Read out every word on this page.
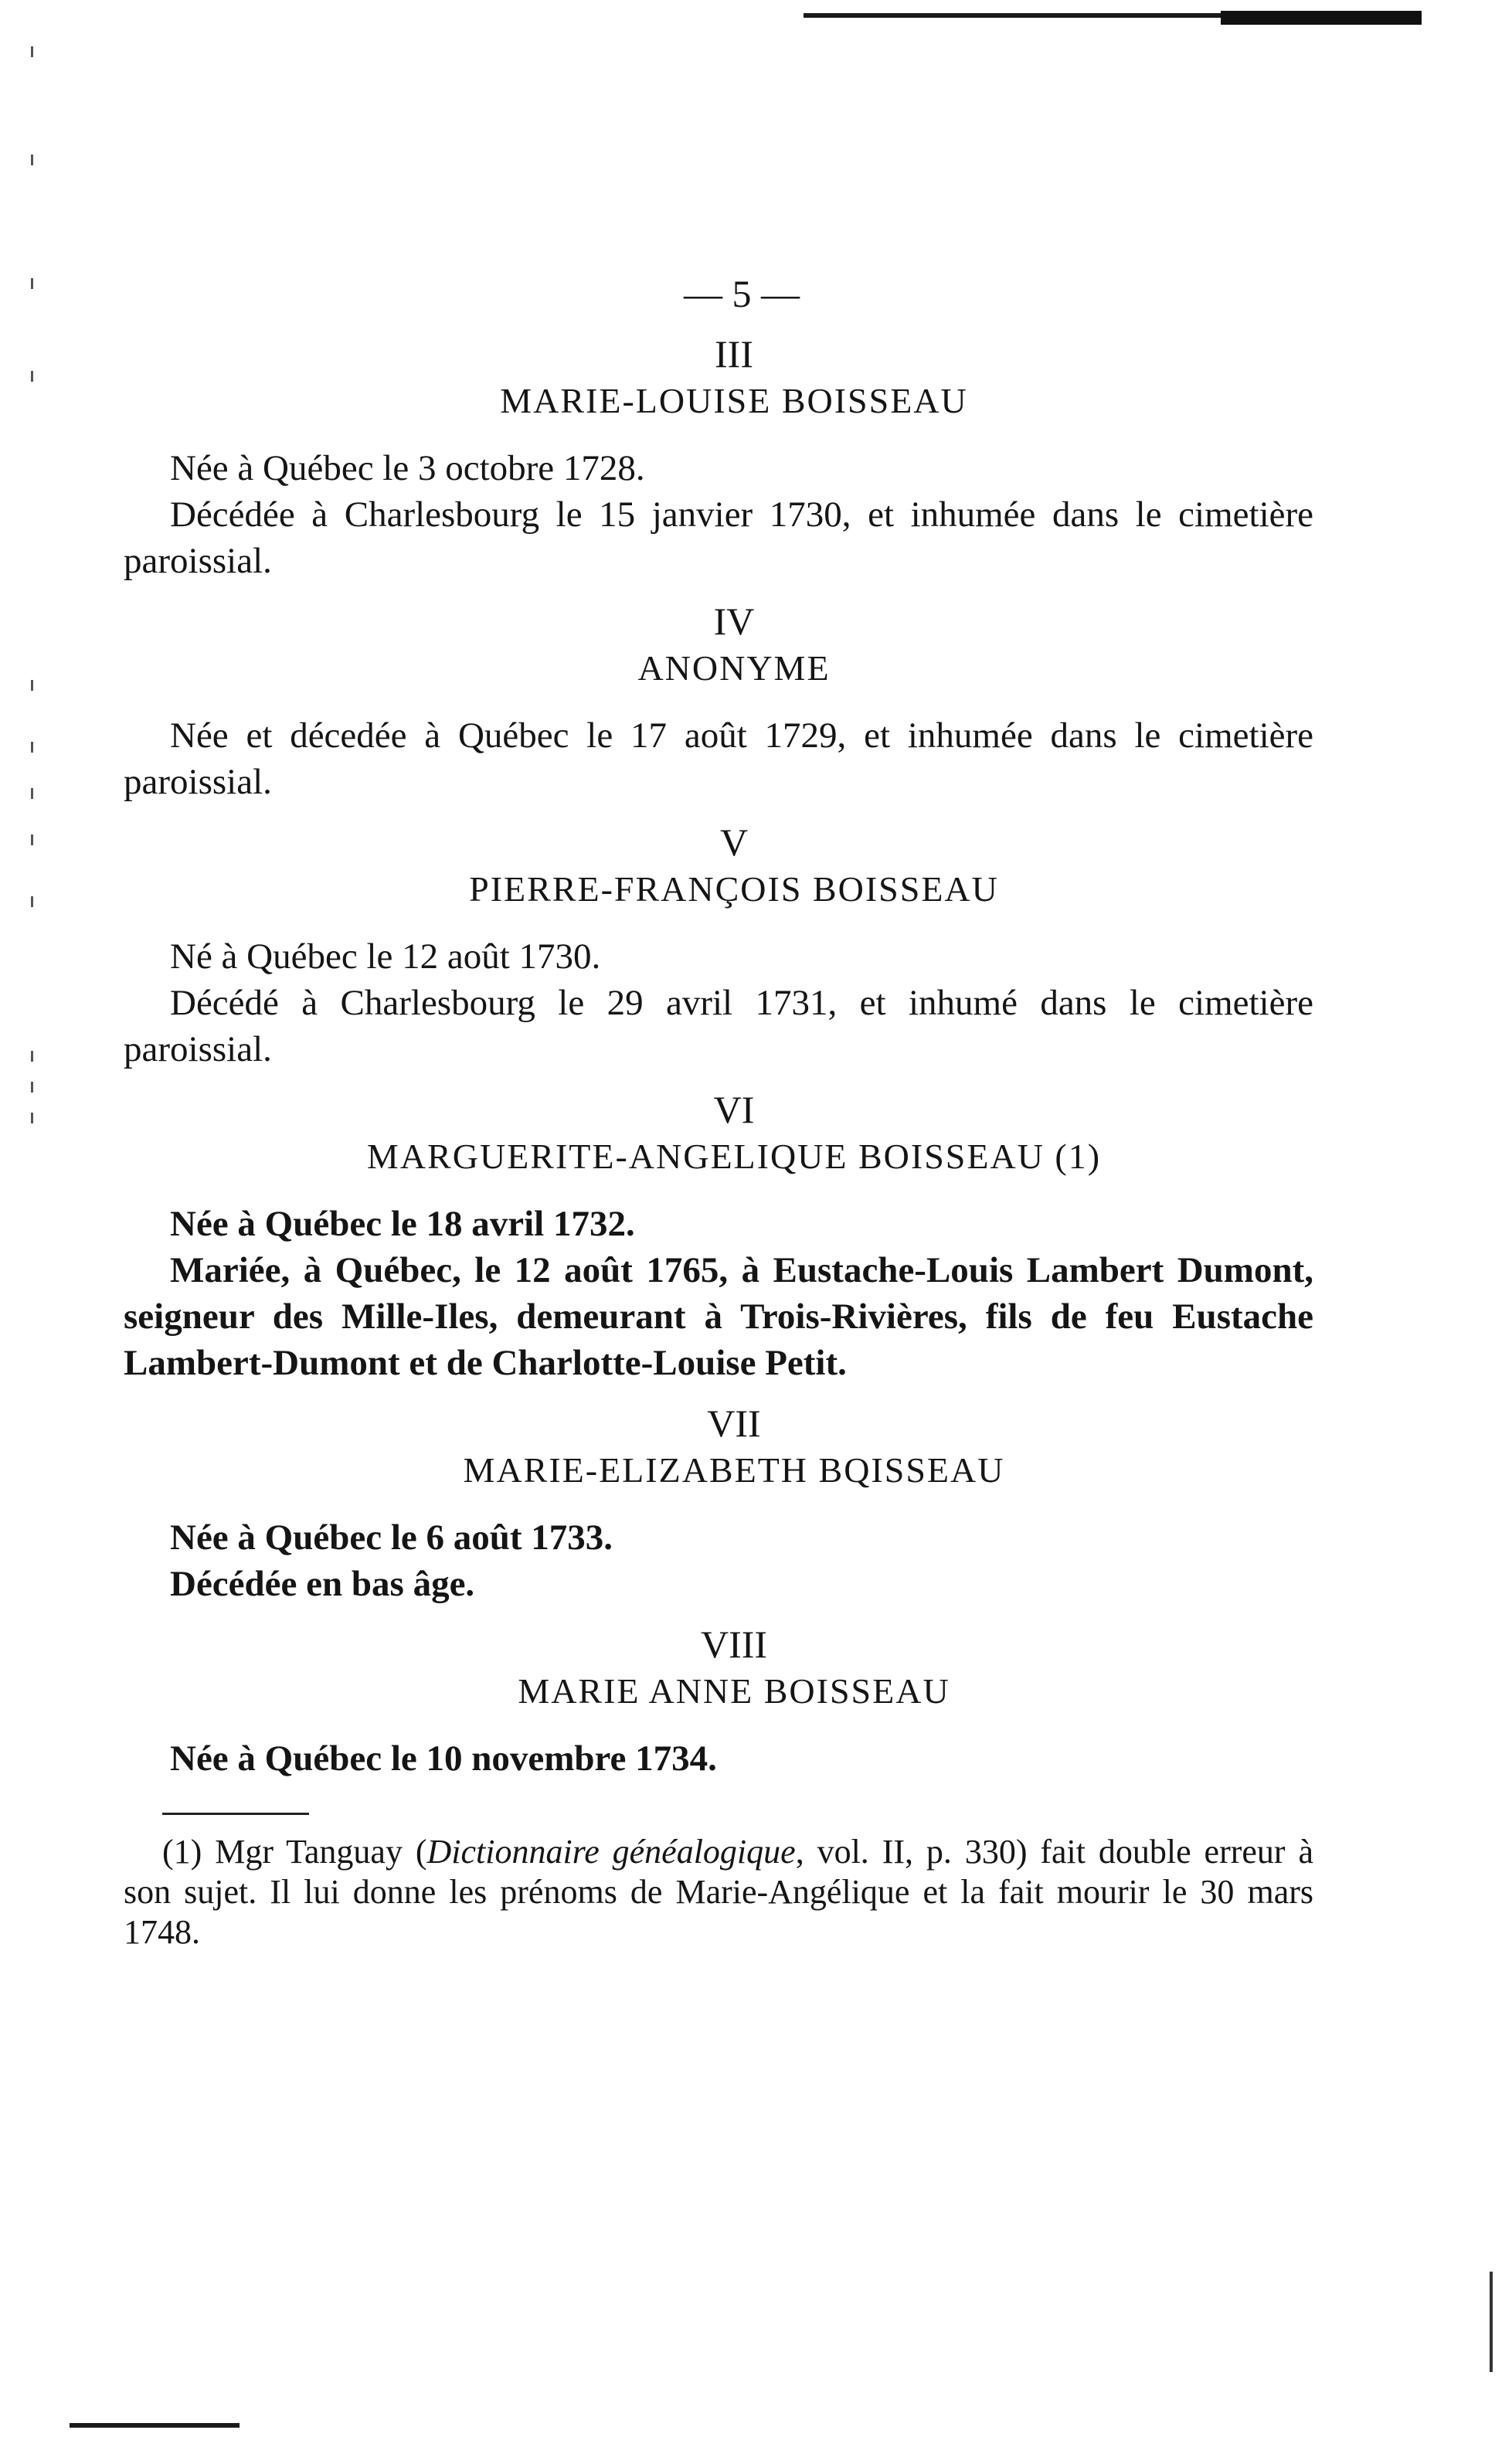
— 5 —
III
MARIE-LOUISE BOISSEAU

Née à Québec le 3 octobre 1728.

Décédée à Charlesbourg le 15 janvier 1730, et inhumée dans le cimetière paroissial.

IV
ANONYME

Née et décedée à Québec le 17 août 1729, et inhumée dans le cimetière paroissial.

V
PIERRE-FRANÇOIS BOISSEAU

Né à Québec le 12 août 1730.

Décédé à Charlesbourg le 29 avril 1731, et inhumé dans le cimetière paroissial.

VI
MARGUERITE-ANGELIQUE BOISSEAU (1)

Née à Québec le 18 avril 1732.

Mariée, à Québec, le 12 août 1765, à Eustache-Louis Lambert Dumont, seigneur des Mille-Iles, demeurant à Trois-Rivières, fils de feu Eustache Lambert-Dumont et de Charlotte-Louise Petit.

VII
MARIE-ELIZABETH BQISSEAU

Née à Québec le 6 août 1733.

Décédée en bas âge.

VIII
MARIE ANNE BOISSEAU

Née à Québec le 10 novembre 1734.

(1) Mgr Tanguay (Dictionnaire généalogique, vol. II, p. 330) fait double erreur à son sujet. Il lui donne les prénoms de Marie-Angélique et la fait mourir le 30 mars 1748.
